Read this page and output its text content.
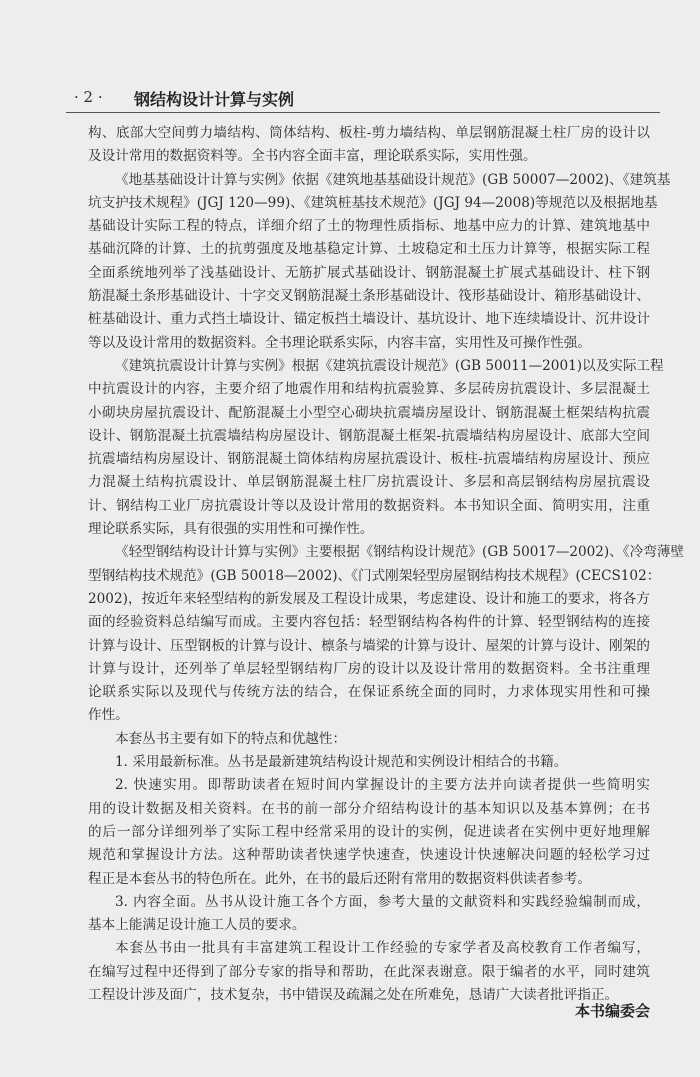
· 2 · 钢结构设计计算与实例
构、底部大空间剪力墙结构、筒体结构、板柱-剪力墙结构、单层钢筋混凝土柱厂房的设计以
及设计常用的数据资料等。全书内容全面丰富，理论联系实际，实用性强。
《地基基础设计计算与实例》依据《建筑地基基础设计规范》(GB 50007—2002)、《建筑基
坑支护技术规程》(JGJ 120—99)、《建筑桩基技术规范》(JGJ 94—2008)等规范以及根据地基
基础设计实际工程的特点，详细介绍了土的物理性质指标、地基中应力的计算、建筑地基中
基础沉降的计算、土的抗剪强度及地基稳定计算、土坡稳定和土压力计算等，根据实际工程
全面系统地列举了浅基础设计、无筋扩展式基础设计、钢筋混凝土扩展式基础设计、柱下钢
筋混凝土条形基础设计、十字交叉钢筋混凝土条形基础设计、筏形基础设计、箱形基础设计、
桩基础设计、重力式挡土墙设计、锚定板挡土墙设计、基坑设计、地下连续墙设计、沉井设计
等以及设计常用的数据资料。全书理论联系实际，内容丰富，实用性及可操作性强。
《建筑抗震设计计算与实例》根据《建筑抗震设计规范》(GB 50011—2001)以及实际工程
中抗震设计的内容，主要介绍了地震作用和结构抗震验算、多层砖房抗震设计、多层混凝土
小砌块房屋抗震设计、配筋混凝土小型空心砌块抗震墙房屋设计、钢筋混凝土框架结构抗震
设计、钢筋混凝土抗震墙结构房屋设计、钢筋混凝土框架-抗震墙结构房屋设计、底部大空间
抗震墙结构房屋设计、钢筋混凝土筒体结构房屋抗震设计、板柱-抗震墙结构房屋设计、预应
力混凝土结构抗震设计、单层钢筋混凝土柱厂房抗震设计、多层和高层钢结构房屋抗震设
计、钢结构工业厂房抗震设计等以及设计常用的数据资料。本书知识全面、简明实用，注重
理论联系实际，具有很强的实用性和可操作性。
《轻型钢结构设计计算与实例》主要根据《钢结构设计规范》(GB 50017—2002)、《冷弯薄壁
型钢结构技术规范》(GB 50018—2002)、《门式刚架轻型房屋钢结构技术规程》(CECS102：
2002)，按近年来轻型结构的新发展及工程设计成果，考虑建设、设计和施工的要求，将各方
面的经验资料总结编写而成。主要内容包括：轻型钢结构各构件的计算、轻型钢结构的连接
计算与设计、压型钢板的计算与设计、檩条与墙梁的计算与设计、屋架的计算与设计、刚架的
计算与设计，还列举了单层轻型钢结构厂房的设计以及设计常用的数据资料。全书注重理
论联系实际以及现代与传统方法的结合，在保证系统全面的同时，力求体现实用性和可操
作性。
本套丛书主要有如下的特点和优越性：
1. 采用最新标准。丛书是最新建筑结构设计规范和实例设计相结合的书籍。
2. 快速实用。即帮助读者在短时间内掌握设计的主要方法并向读者提供一些简明实
用的设计数据及相关资料。在书的前一部分介绍结构设计的基本知识以及基本算例；在书
的后一部分详细列举了实际工程中经常采用的设计的实例，促进读者在实例中更好地理解
规范和掌握设计方法。这种帮助读者快速学快速查，快速设计快速解决问题的轻松学习过
程正是本套丛书的特色所在。此外，在书的最后还附有常用的数据资料供读者参考。
3. 内容全面。丛书从设计施工各个方面，参考大量的文献资料和实践经验编制而成，
基本上能满足设计施工人员的要求。
本套丛书由一批具有丰富建筑工程设计工作经验的专家学者及高校教育工作者编写，
在编写过程中还得到了部分专家的指导和帮助，在此深表谢意。限于编者的水平，同时建筑
工程设计涉及面广，技术复杂，书中错误及疏漏之处在所难免，恳请广大读者批评指正。
本书编委会
